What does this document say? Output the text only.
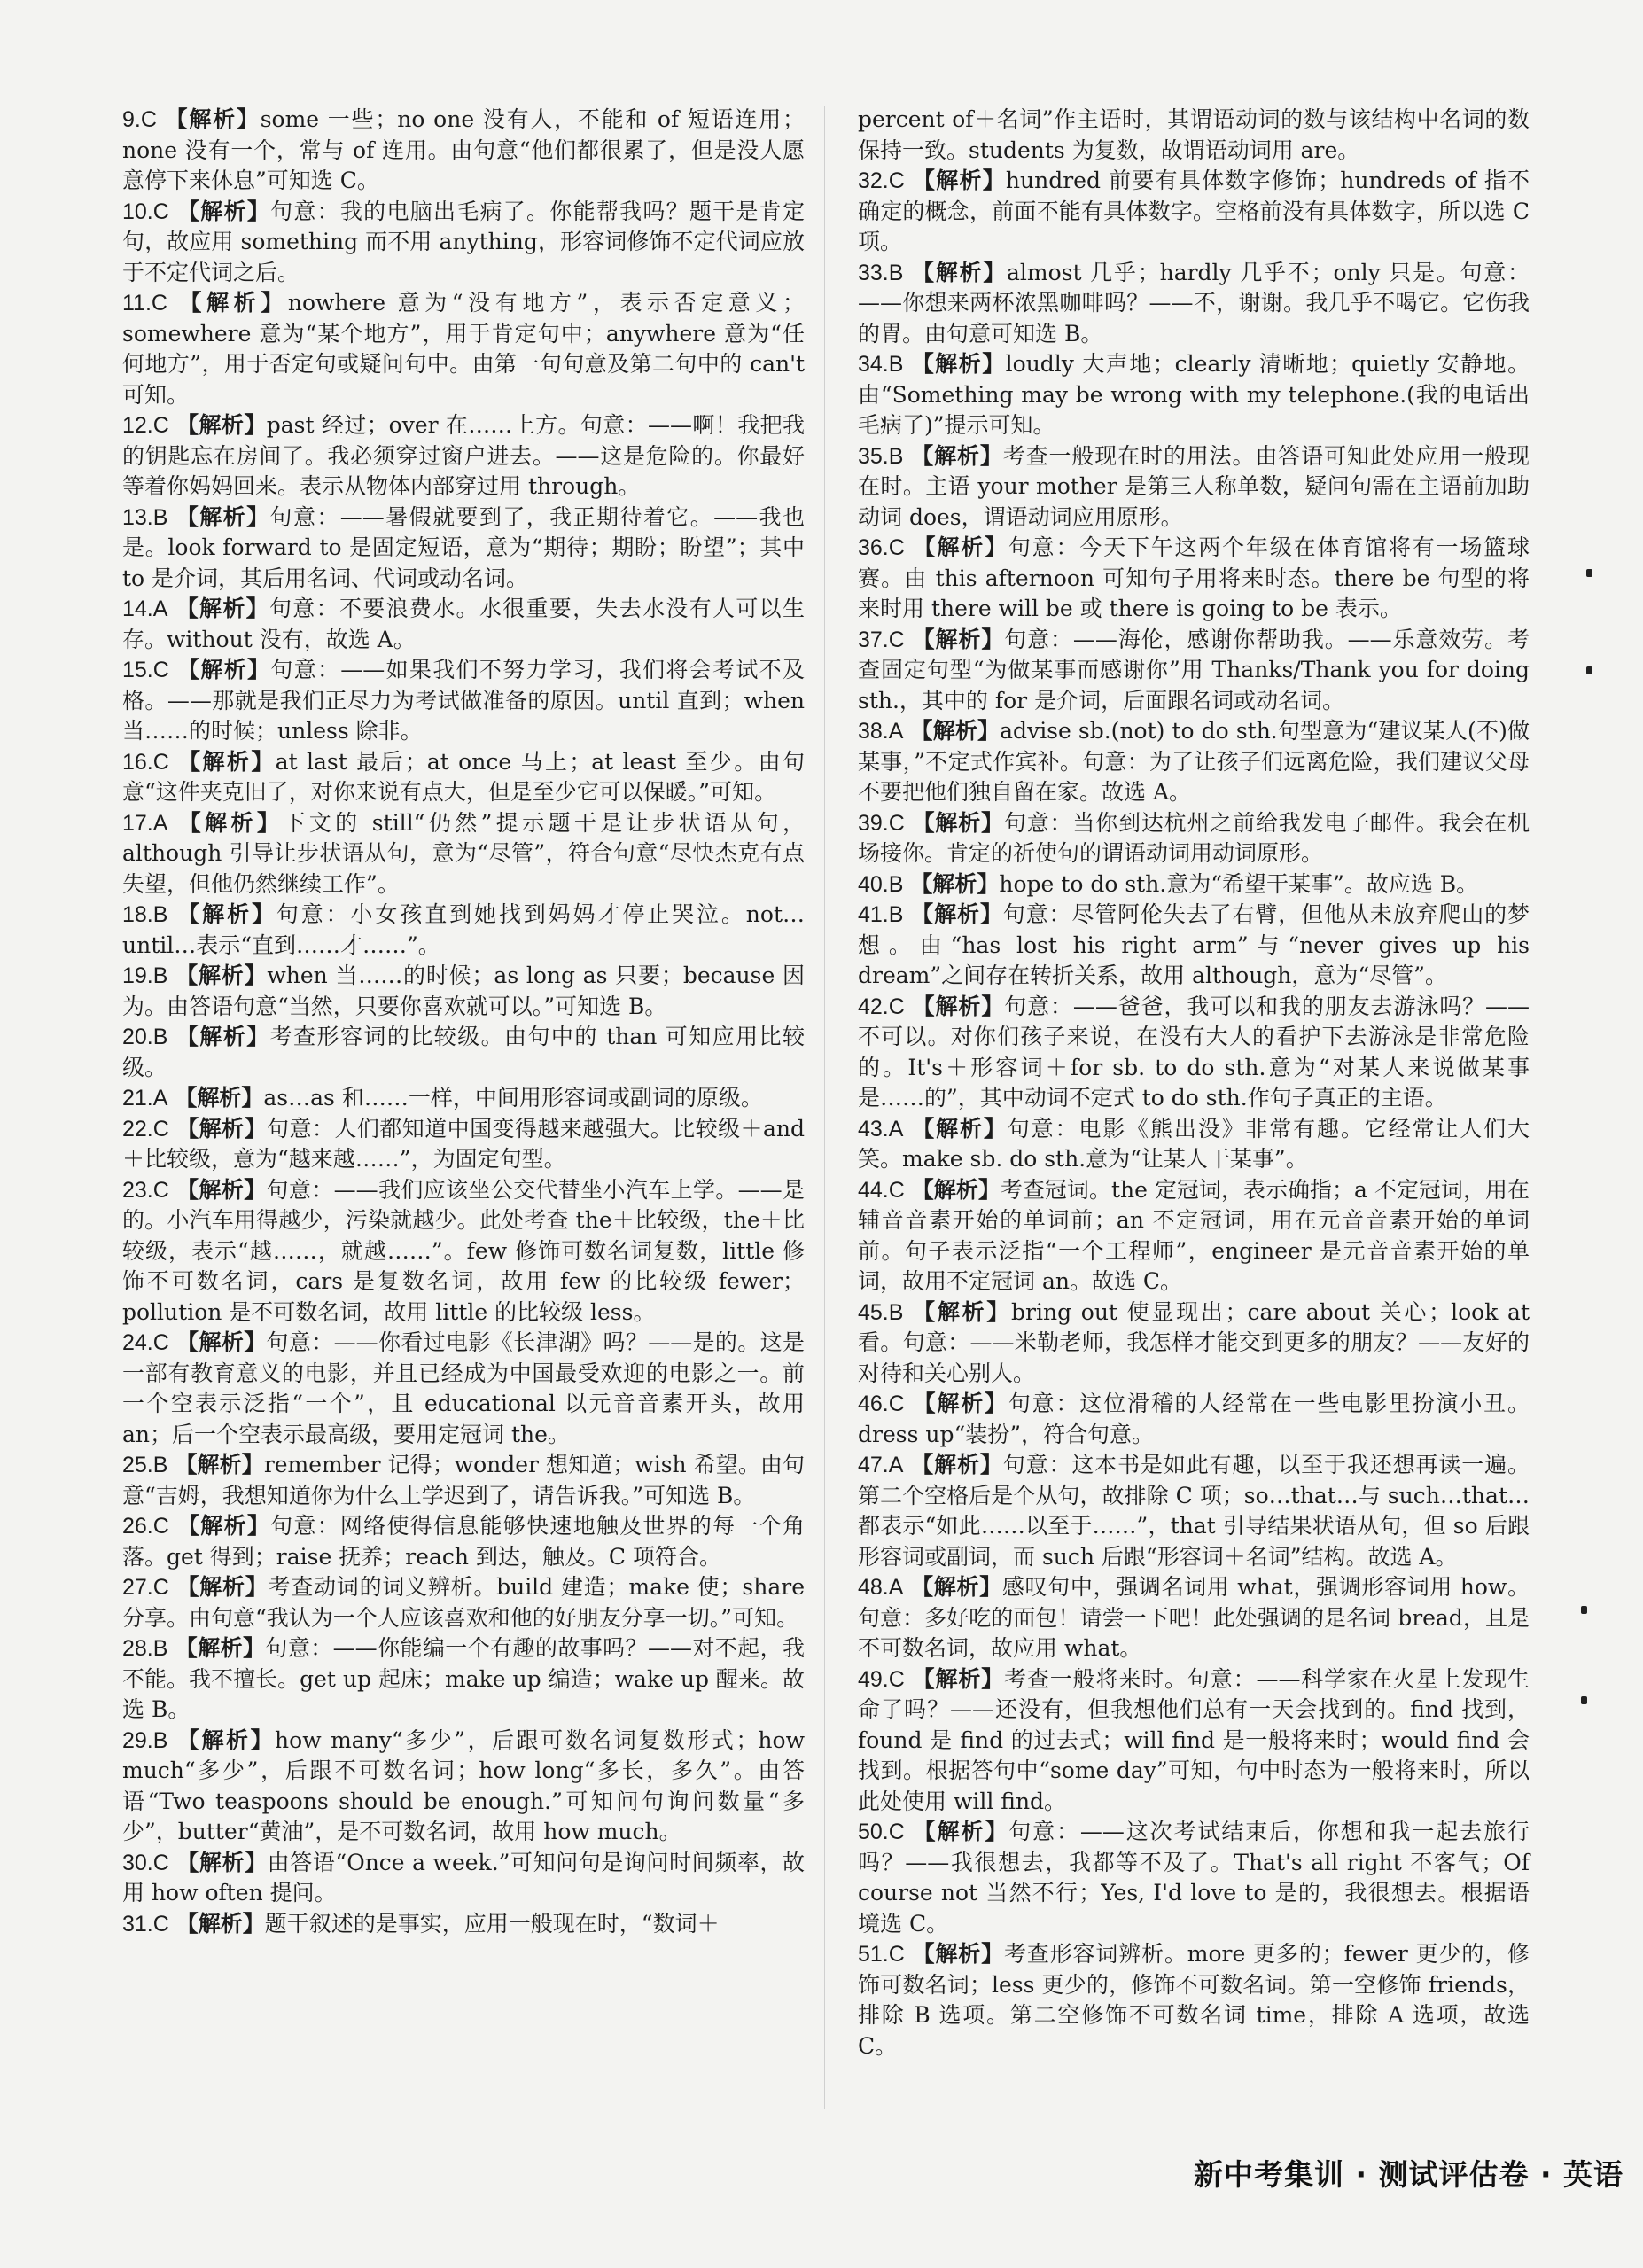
9.C 【解析】some 一些；no one 没有人，不能和 of 短语连用；none 没有一个，常与 of 连用。由句意“他们都很累了，但是没人愿意停下来休息”可知选 C。

10.C 【解析】句意：我的电脑出毛病了。你能帮我吗？题干是肯定句，故应用 something 而不用 anything，形容词修饰不定代词应放于不定代词之后。

11.C 【解析】nowhere 意为“没有地方”，表示否定意义；somewhere 意为“某个地方”，用于肯定句中；anywhere 意为“任何地方”，用于否定句或疑问句中。由第一句句意及第二句中的 can't 可知。

12.C 【解析】past 经过；over 在……上方。句意：——啊！我把我的钥匙忘在房间了。我必须穿过窗户进去。——这是危险的。你最好等着你妈妈回来。表示从物体内部穿过用 through。

13.B 【解析】句意：——暑假就要到了，我正期待着它。——我也是。look forward to 是固定短语，意为“期待；期盼；盼望”；其中 to 是介词，其后用名词、代词或动名词。

14.A 【解析】句意：不要浪费水。水很重要，失去水没有人可以生存。without 没有，故选 A。

15.C 【解析】句意：——如果我们不努力学习，我们将会考试不及格。——那就是我们正尽力为考试做准备的原因。until 直到；when 当……的时候；unless 除非。

16.C 【解析】at last 最后；at once 马上；at least 至少。由句意“这件夹克旧了，对你来说有点大，但是至少它可以保暖。”可知。

17.A 【解析】下文的 still“仍然”提示题干是让步状语从句，although 引导让步状语从句，意为“尽管”，符合句意“尽快杰克有点失望，但他仍然继续工作”。

18.B 【解析】句意：小女孩直到她找到妈妈才停止哭泣。not…until…表示“直到……才……”。

19.B 【解析】when 当……的时候；as long as 只要；because 因为。由答语句意“当然，只要你喜欢就可以。”可知选 B。

20.B 【解析】考查形容词的比较级。由句中的 than 可知应用比较级。

21.A 【解析】as…as 和……一样，中间用形容词或副词的原级。

22.C 【解析】句意：人们都知道中国变得越来越强大。比较级＋and＋比较级，意为“越来越……”，为固定句型。

23.C 【解析】句意：——我们应该坐公交代替坐小汽车上学。——是的。小汽车用得越少，污染就越少。此处考查 the＋比较级，the＋比较级，表示“越……，就越……”。few 修饰可数名词复数，little 修饰不可数名词，cars 是复数名词，故用 few 的比较级 fewer；pollution 是不可数名词，故用 little 的比较级 less。

24.C 【解析】句意：——你看过电影《长津湖》吗？——是的。这是一部有教育意义的电影，并且已经成为中国最受欢迎的电影之一。前一个空表示泛指“一个”，且 educational 以元音音素开头，故用 an；后一个空表示最高级，要用定冠词 the。

25.B 【解析】remember 记得；wonder 想知道；wish 希望。由句意“吉姆，我想知道你为什么上学迟到了，请告诉我。”可知选 B。

26.C 【解析】句意：网络使得信息能够快速地触及世界的每一个角落。get 得到；raise 抚养；reach 到达，触及。C 项符合。

27.C 【解析】考查动词的词义辨析。build 建造；make 使；share 分享。由句意“我认为一个人应该喜欢和他的好朋友分享一切。”可知。

28.B 【解析】句意：——你能编一个有趣的故事吗？——对不起，我不能。我不擅长。get up 起床；make up 编造；wake up 醒来。故选 B。

29.B 【解析】how many“多少”，后跟可数名词复数形式；how much“多少”，后跟不可数名词；how long“多长，多久”。由答语“Two teaspoons should be enough.”可知问句询问数量“多少”，butter“黄油”，是不可数名词，故用 how much。

30.C 【解析】由答语“Once a week.”可知问句是询问时间频率，故用 how often 提问。

31.C 【解析】题干叙述的是事实，应用一般现在时，“数词＋

percent of＋名词”作主语时，其谓语动词的数与该结构中名词的数保持一致。students 为复数，故谓语动词用 are。

32.C 【解析】hundred 前要有具体数字修饰；hundreds of 指不确定的概念，前面不能有具体数字。空格前没有具体数字，所以选 C 项。

33.B 【解析】almost 几乎；hardly 几乎不；only 只是。句意：——你想来两杯浓黑咖啡吗？——不，谢谢。我几乎不喝它。它伤我的胃。由句意可知选 B。

34.B 【解析】loudly 大声地；clearly 清晰地；quietly 安静地。由“Something may be wrong with my telephone.(我的电话出毛病了)”提示可知。

35.B 【解析】考查一般现在时的用法。由答语可知此处应用一般现在时。主语 your mother 是第三人称单数，疑问句需在主语前加助动词 does，谓语动词应用原形。

36.C 【解析】句意：今天下午这两个年级在体育馆将有一场篮球赛。由 this afternoon 可知句子用将来时态。there be 句型的将来时用 there will be 或 there is going to be 表示。

37.C 【解析】句意：——海伦，感谢你帮助我。——乐意效劳。考查固定句型“为做某事而感谢你”用 Thanks/Thank you for doing sth.，其中的 for 是介词，后面跟名词或动名词。

38.A 【解析】advise sb.(not) to do sth.句型意为“建议某人(不)做某事，”不定式作宾补。句意：为了让孩子们远离危险，我们建议父母不要把他们独自留在家。故选 A。

39.C 【解析】句意：当你到达杭州之前给我发电子邮件。我会在机场接你。肯定的祈使句的谓语动词用动词原形。

40.B 【解析】hope to do sth.意为“希望干某事”。故应选 B。

41.B 【解析】句意：尽管阿伦失去了右臂，但他从未放弃爬山的梦想。由“has lost his right arm”与“never gives up his dream”之间存在转折关系，故用 although，意为“尽管”。

42.C 【解析】句意：——爸爸，我可以和我的朋友去游泳吗？——不可以。对你们孩子来说，在没有大人的看护下去游泳是非常危险的。It's＋形容词＋for sb. to do sth.意为“对某人来说做某事是……的”，其中动词不定式 to do sth.作句子真正的主语。

43.A 【解析】句意：电影《熊出没》非常有趣。它经常让人们大笑。make sb. do sth.意为“让某人干某事”。

44.C 【解析】考查冠词。the 定冠词，表示确指；a 不定冠词，用在辅音音素开始的单词前；an 不定冠词，用在元音音素开始的单词前。句子表示泛指“一个工程师”，engineer 是元音音素开始的单词，故用不定冠词 an。故选 C。

45.B 【解析】bring out 使显现出；care about 关心；look at 看。句意：——米勒老师，我怎样才能交到更多的朋友？——友好的对待和关心别人。

46.C 【解析】句意：这位滑稽的人经常在一些电影里扮演小丑。dress up“装扮”，符合句意。

47.A 【解析】句意：这本书是如此有趣，以至于我还想再读一遍。第二个空格后是个从句，故排除 C 项；so…that…与 such…that…都表示“如此……以至于……”，that 引导结果状语从句，但 so 后跟形容词或副词，而 such 后跟“形容词＋名词”结构。故选 A。

48.A 【解析】感叹句中，强调名词用 what，强调形容词用 how。句意：多好吃的面包！请尝一下吧！此处强调的是名词 bread，且是不可数名词，故应用 what。

49.C 【解析】考查一般将来时。句意：——科学家在火星上发现生命了吗？——还没有，但我想他们总有一天会找到的。find 找到，found 是 find 的过去式；will find 是一般将来时；would find 会找到。根据答句中“some day”可知，句中时态为一般将来时，所以此处使用 will find。

50.C 【解析】句意：——这次考试结束后，你想和我一起去旅行吗？——我很想去，我都等不及了。That's all right 不客气；Of course not 当然不行；Yes, I'd love to 是的，我很想去。根据语境选 C。

51.C 【解析】考查形容词辨析。more 更多的；fewer 更少的，修饰可数名词；less 更少的，修饰不可数名词。第一空修饰 friends，排除 B 选项。第二空修饰不可数名词 time，排除 A 选项，故选 C。

新中考集训 · 测试评估卷 · 英语
